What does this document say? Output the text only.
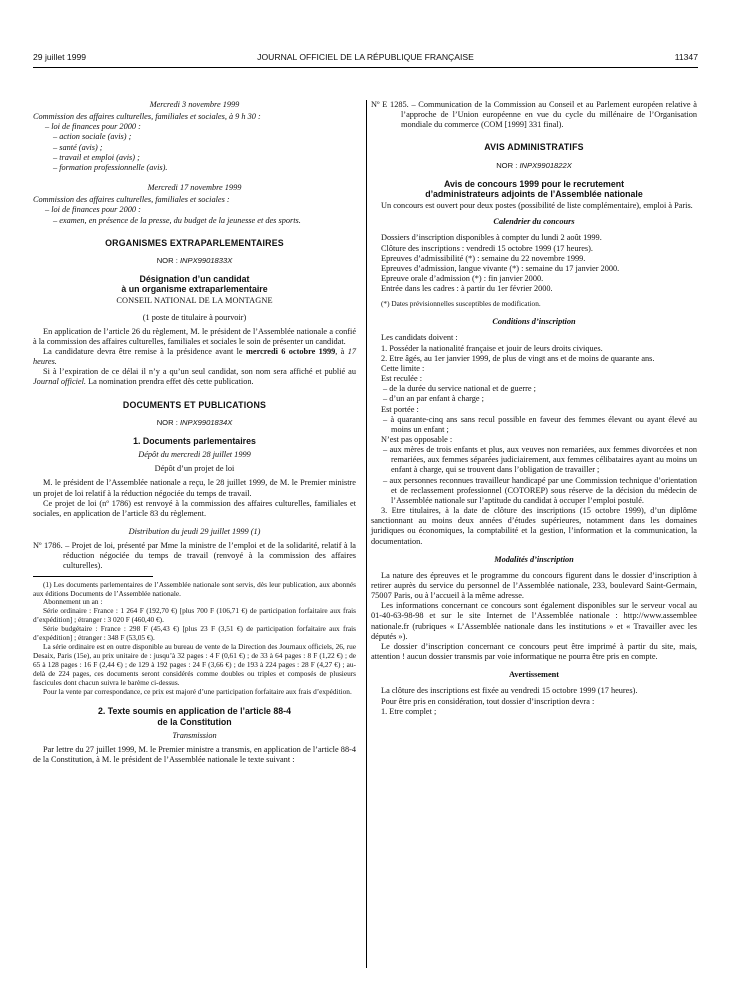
29 juillet 1999	JOURNAL OFFICIEL DE LA RÉPUBLIQUE FRANÇAISE	11347

Mercredi 3 novembre 1999

Commission des affaires culturelles, familiales et sociales, à 9 h 30 :

– loi de finances pour 2000 :

– action sociale (avis) ;

– santé (avis) ;

– travail et emploi (avis) ;

– formation professionnelle (avis).

Mercredi 17 novembre 1999

Commission des affaires culturelles, familiales et sociales :

– loi de finances pour 2000 :

– examen, en présence de la presse, du budget de la jeunesse et des sports.

ORGANISMES EXTRAPARLEMENTAIRES

NOR : INPX9901833X

Désignation d’un candidat

à un organisme extraparlementaire

CONSEIL NATIONAL DE LA MONTAGNE

(1 poste de titulaire à pourvoir)

En application de l’article 26 du règlement, M. le président de l’Assemblée nationale a confié à la commission des affaires culturelles, familiales et sociales le soin de présenter un candidat.

La candidature devra être remise à la présidence avant le mercredi 6 octobre 1999, à 17 heures.

Si à l’expiration de ce délai il n’y a qu’un seul candidat, son nom sera affiché et publié au Journal officiel. La nomination prendra effet dès cette publication.

DOCUMENTS ET PUBLICATIONS

NOR : INPX9901834X

1. Documents parlementaires

Dépôt du mercredi 28 juillet 1999

Dépôt d’un projet de loi

M. le président de l’Assemblée nationale a reçu, le 28 juillet 1999, de M. le Premier ministre un projet de loi relatif à la réduction négociée du temps de travail.

Ce projet de loi (nº 1786) est renvoyé à la commission des affaires culturelles, familiales et sociales, en application de l’article 83 du règlement.

Distribution du jeudi 29 juillet 1999 (1)

Nº 1786. – Projet de loi, présenté par Mme la ministre de l’emploi et de la solidarité, relatif à la réduction négociée du temps de travail (renvoyé à la commission des affaires culturelles).

(1) Les documents parlementaires de l’Assemblée nationale sont servis, dès leur publication, aux abonnés aux éditions Documents de l’Assemblée nationale.

Abonnement un an :

Série ordinaire : France : 1 264 F (192,70 €) [plus 700 F (106,71 €) de participation forfaitaire aux frais d’expédition] ; étranger : 3 020 F (460,40 €).

Série budgétaire : France : 298 F (45,43 €) [plus 23 F (3,51 €) de participation forfaitaire aux frais d’expédition] ; étranger : 348 F (53,05 €).

La série ordinaire est en outre disponible au bureau de vente de la Direction des Journaux officiels, 26, rue Desaix, Paris (15e), au prix unitaire de : jusqu’à 32 pages : 4 F (0,61 €) ; de 33 à 64 pages : 8 F (1,22 €) ; de 65 à 128 pages : 16 F (2,44 €) ; de 129 à 192 pages : 24 F (3,66 €) ; de 193 à 224 pages : 28 F (4,27 €) ; au-delà de 224 pages, ces documents seront considérés comme doubles ou triples et composés de plusieurs fascicules dont chacun suivra le barème ci-dessus.

Pour la vente par correspondance, ce prix est majoré d’une participation forfaitaire aux frais d’expédition.

2. Texte soumis en application de l’article 88-4

de la Constitution

Transmission

Par lettre du 27 juillet 1999, M. le Premier ministre a transmis, en application de l’article 88-4 de la Constitution, à M. le président de l’Assemblée nationale le texte suivant :

Nº E 1285. – Communication de la Commission au Conseil et au Parlement européen relative à l’approche de l’Union européenne en vue du cycle du millénaire de l’Organisation mondiale du commerce (COM [1999] 331 final).

AVIS ADMINISTRATIFS

NOR : INPX9901822X

Avis de concours 1999 pour le recrutement

d’administrateurs adjoints de l’Assemblée nationale

Un concours est ouvert pour deux postes (possibilité de liste complémentaire), emploi à Paris.

Calendrier du concours

Dossiers d’inscription disponibles à compter du lundi 2 août 1999.

Clôture des inscriptions : vendredi 15 octobre 1999 (17 heures).

Epreuves d’admissibilité (*) : semaine du 22 novembre 1999.

Epreuves d’admission, langue vivante (*) : semaine du 17 janvier 2000.

Epreuve orale d’admission (*) : fin janvier 2000.

Entrée dans les cadres : à partir du 1er février 2000.

(*) Dates prévisionnelles susceptibles de modification.

Conditions d’inscription

Les candidats doivent :

1. Posséder la nationalité française et jouir de leurs droits civiques.

2. Etre âgés, au 1er janvier 1999, de plus de vingt ans et de moins de quarante ans.

Cette limite :

Est reculée :

– de la durée du service national et de guerre ;

– d’un an par enfant à charge ;

Est portée :

– à quarante-cinq ans sans recul possible en faveur des femmes élevant ou ayant élevé au moins un enfant ;

N’est pas opposable :

– aux mères de trois enfants et plus, aux veuves non remariées, aux femmes divorcées et non remariées, aux femmes séparées judiciairement, aux femmes célibataires ayant au moins un enfant à charge, qui se trouvent dans l’obligation de travailler ;

– aux personnes reconnues travailleur handicapé par une Commission technique d’orientation et de reclassement professionnel (COTOREP) sous réserve de la décision du médecin de l’Assemblée nationale sur l’aptitude du candidat à occuper l’emploi postulé.

3. Etre titulaires, à la date de clôture des inscriptions (15 octobre 1999), d’un diplôme sanctionnant au moins deux années d’études supérieures, notamment dans les domaines juridiques ou économiques, la comptabilité et la gestion, l’information et la communication, la documentation.

Modalités d’inscription

La nature des épreuves et le programme du concours figurent dans le dossier d’inscription à retirer auprès du service du personnel de l’Assemblée nationale, 233, boulevard Saint-Germain, 75007 Paris, ou à l’accueil à la même adresse.

Les informations concernant ce concours sont également disponibles sur le serveur vocal au 01-40-63-98-98 et sur le site Internet de l’Assemblée nationale : http://www.assemblee nationale.fr (rubriques « L’Assemblée nationale dans les institutions » et « Travailler avec les députés »).

Le dossier d’inscription concernant ce concours peut être imprimé à partir du site, mais, attention ! aucun dossier transmis par voie informatique ne pourra être pris en compte.

Avertissement

La clôture des inscriptions est fixée au vendredi 15 octobre 1999 (17 heures).

Pour être pris en considération, tout dossier d’inscription devra :

1. Etre complet ;
